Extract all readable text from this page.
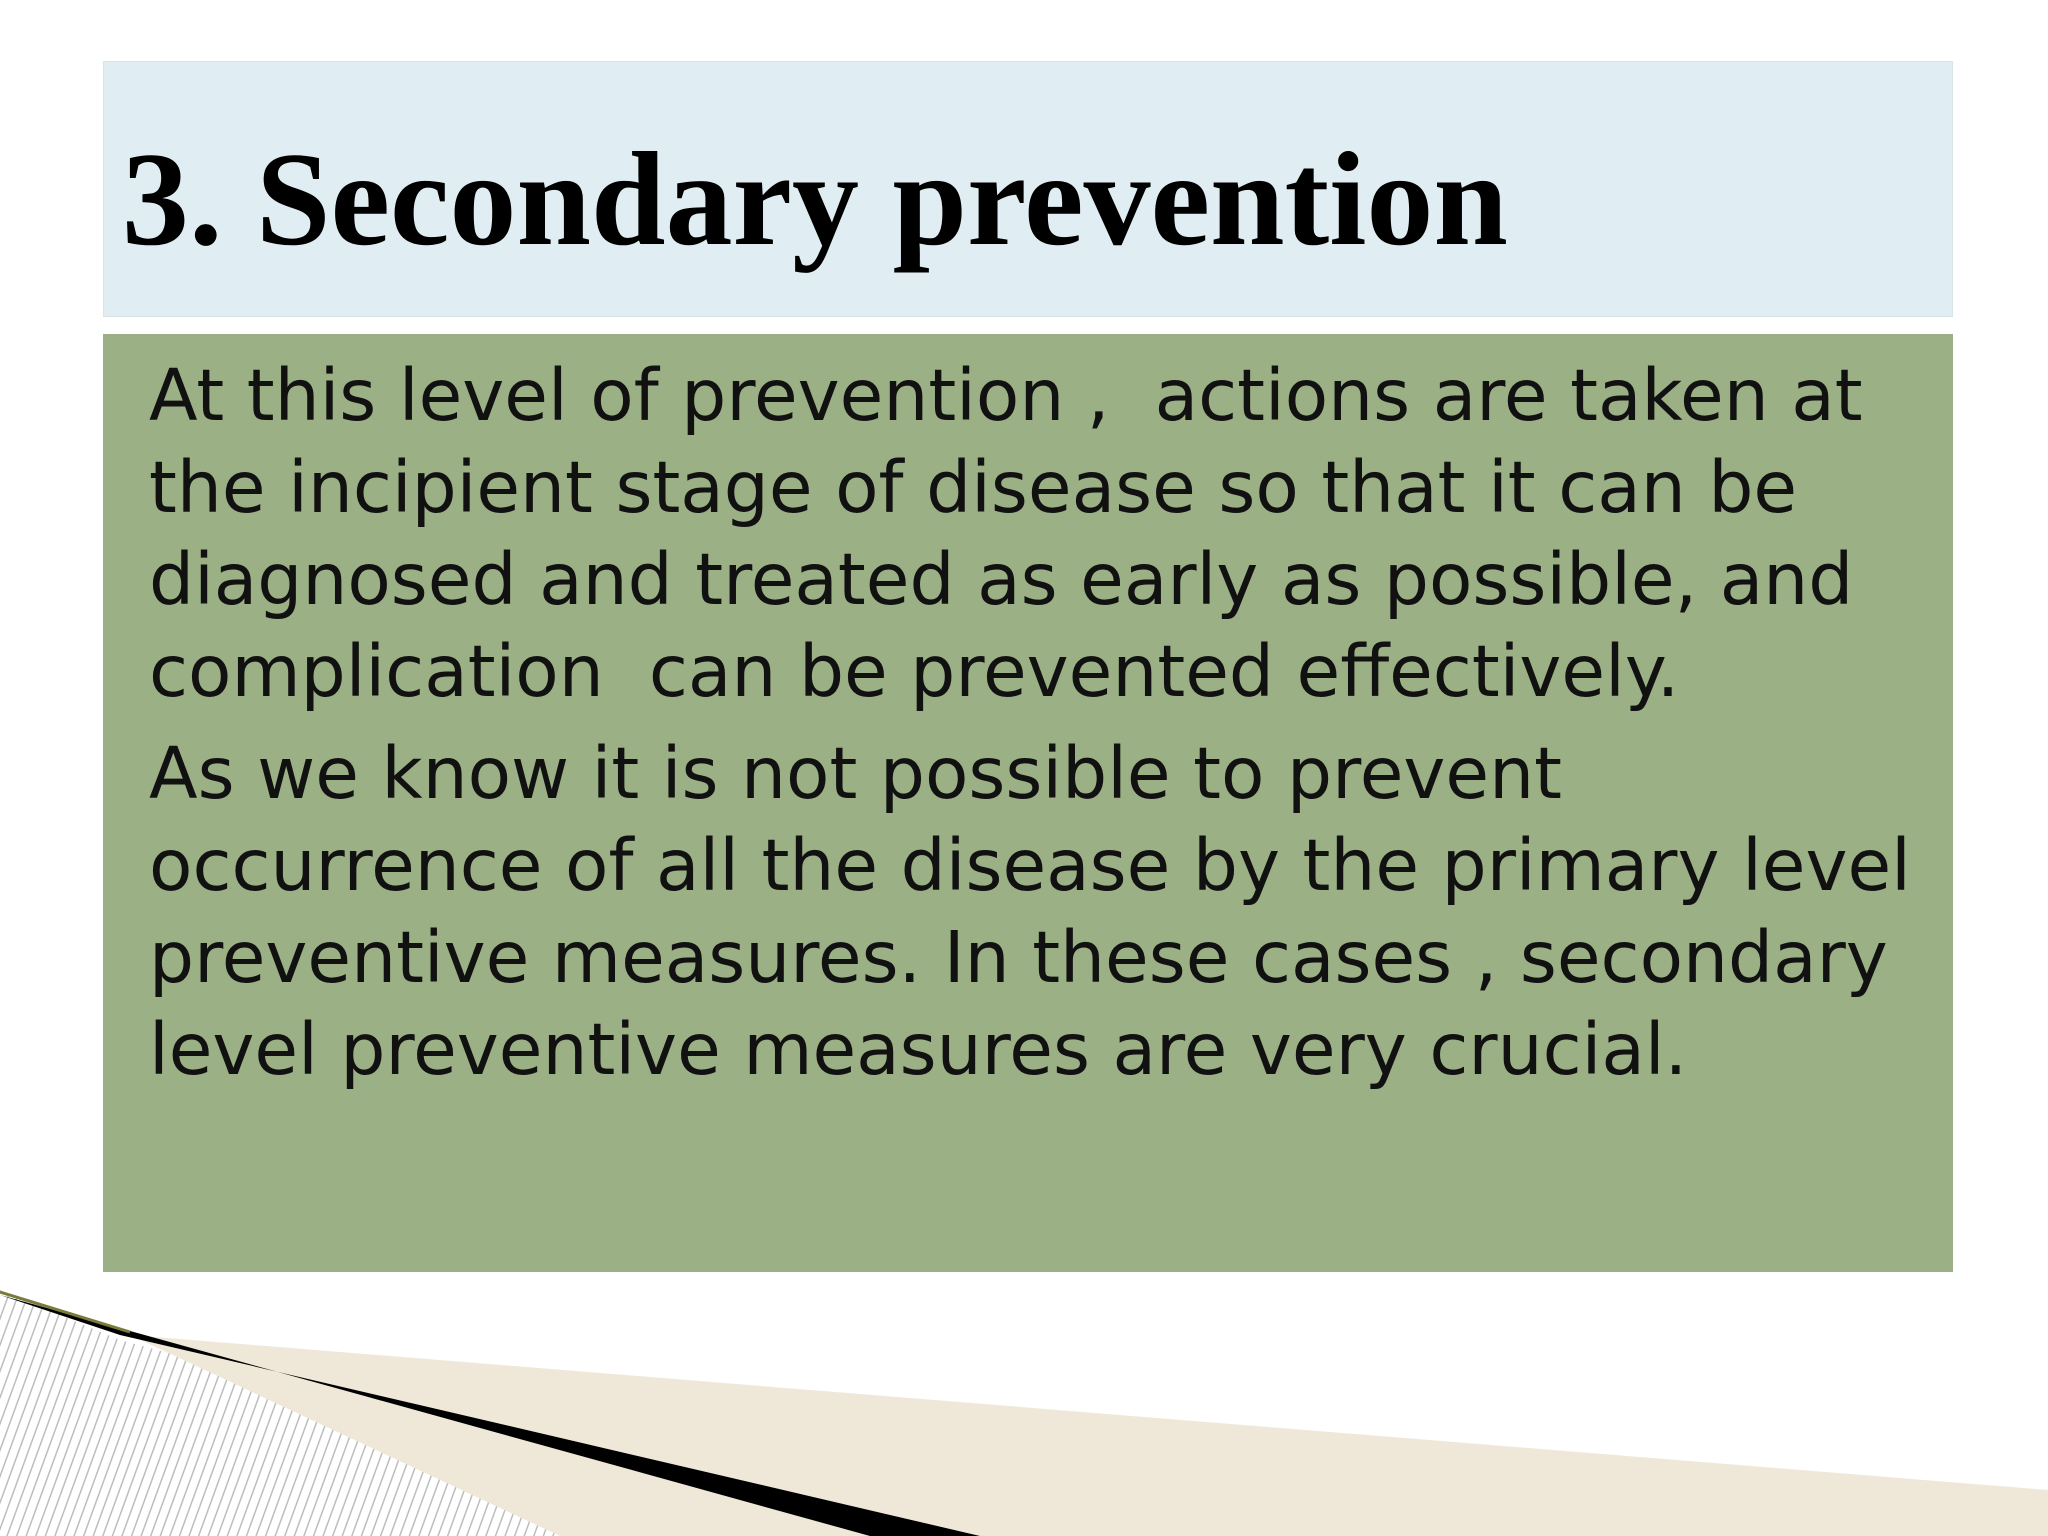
3. Secondary prevention

At this level of prevention ,  actions are taken at the incipient stage of disease so that it can be diagnosed and treated as early as possible, and complication  can be prevented effectively.

As we know it is not possible to prevent occurrence of all the disease by the primary level preventive measures. In these cases , secondary level preventive measures are very crucial.
